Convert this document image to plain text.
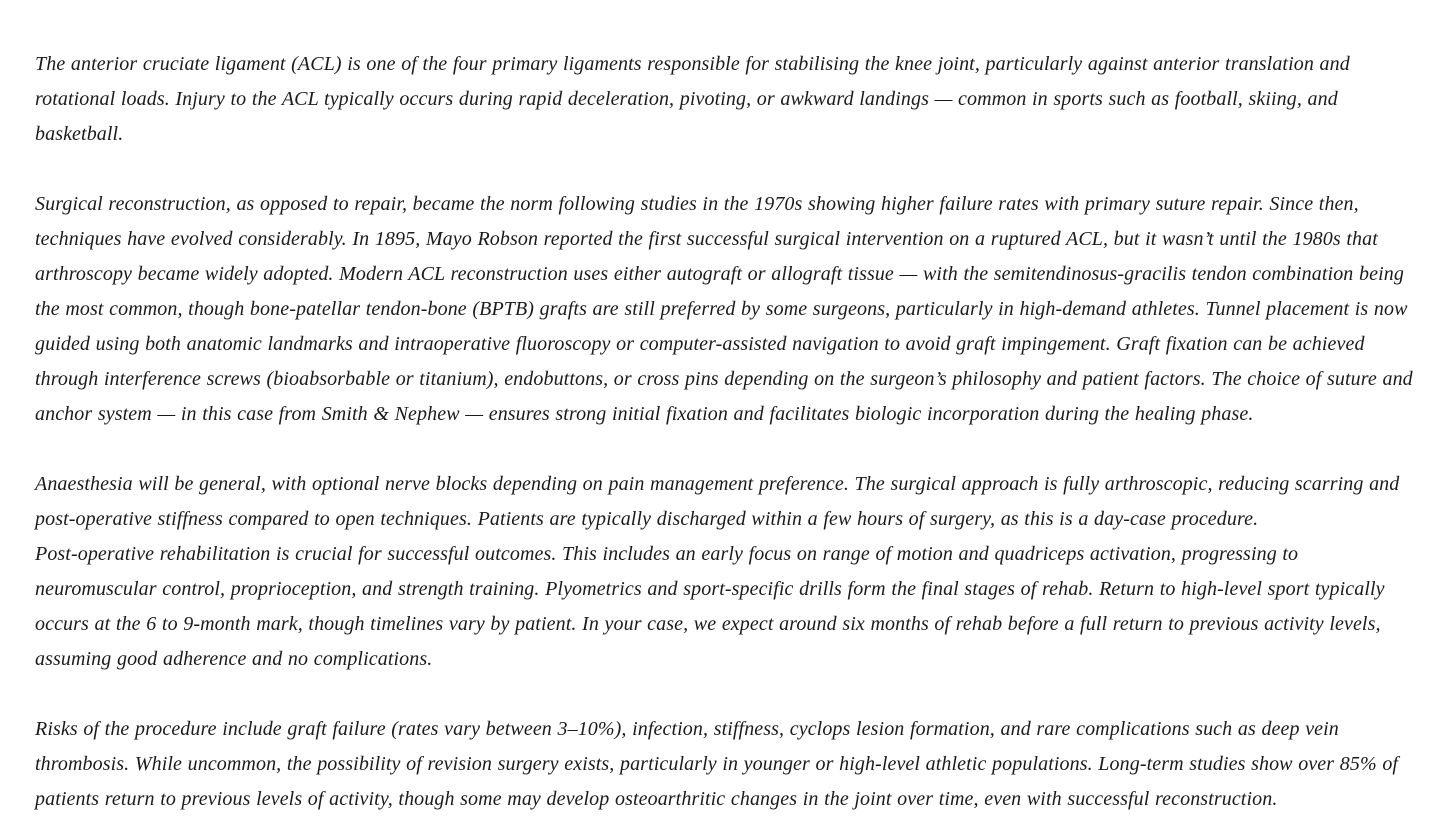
The anterior cruciate ligament (ACL) is one of the four primary ligaments responsible for stabilising the knee joint, particularly against anterior translation and rotational loads. Injury to the ACL typically occurs during rapid deceleration, pivoting, or awkward landings — common in sports such as football, skiing, and basketball.

Surgical reconstruction, as opposed to repair, became the norm following studies in the 1970s showing higher failure rates with primary suture repair. Since then, techniques have evolved considerably. In 1895, Mayo Robson reported the first successful surgical intervention on a ruptured ACL, but it wasn’t until the 1980s that arthroscopy became widely adopted. Modern ACL reconstruction uses either autograft or allograft tissue — with the semitendinosus-gracilis tendon combination being the most common, though bone-patellar tendon-bone (BPTB) grafts are still preferred by some surgeons, particularly in high-demand athletes. Tunnel placement is now guided using both anatomic landmarks and intraoperative fluoroscopy or computer-assisted navigation to avoid graft impingement. Graft fixation can be achieved through interference screws (bioabsorbable or titanium), endobuttons, or cross pins depending on the surgeon’s philosophy and patient factors. The choice of suture and anchor system — in this case from Smith & Nephew — ensures strong initial fixation and facilitates biologic incorporation during the healing phase.

Anaesthesia will be general, with optional nerve blocks depending on pain management preference. The surgical approach is fully arthroscopic, reducing scarring and post-operative stiffness compared to open techniques. Patients are typically discharged within a few hours of surgery, as this is a day-case procedure.

Post-operative rehabilitation is crucial for successful outcomes. This includes an early focus on range of motion and quadriceps activation, progressing to neuromuscular control, proprioception, and strength training. Plyometrics and sport-specific drills form the final stages of rehab. Return to high-level sport typically occurs at the 6 to 9-month mark, though timelines vary by patient. In your case, we expect around six months of rehab before a full return to previous activity levels, assuming good adherence and no complications.

Risks of the procedure include graft failure (rates vary between 3–10%), infection, stiffness, cyclops lesion formation, and rare complications such as deep vein thrombosis. While uncommon, the possibility of revision surgery exists, particularly in younger or high-level athletic populations. Long-term studies show over 85% of patients return to previous levels of activity, though some may develop osteoarthritic changes in the joint over time, even with successful reconstruction.
